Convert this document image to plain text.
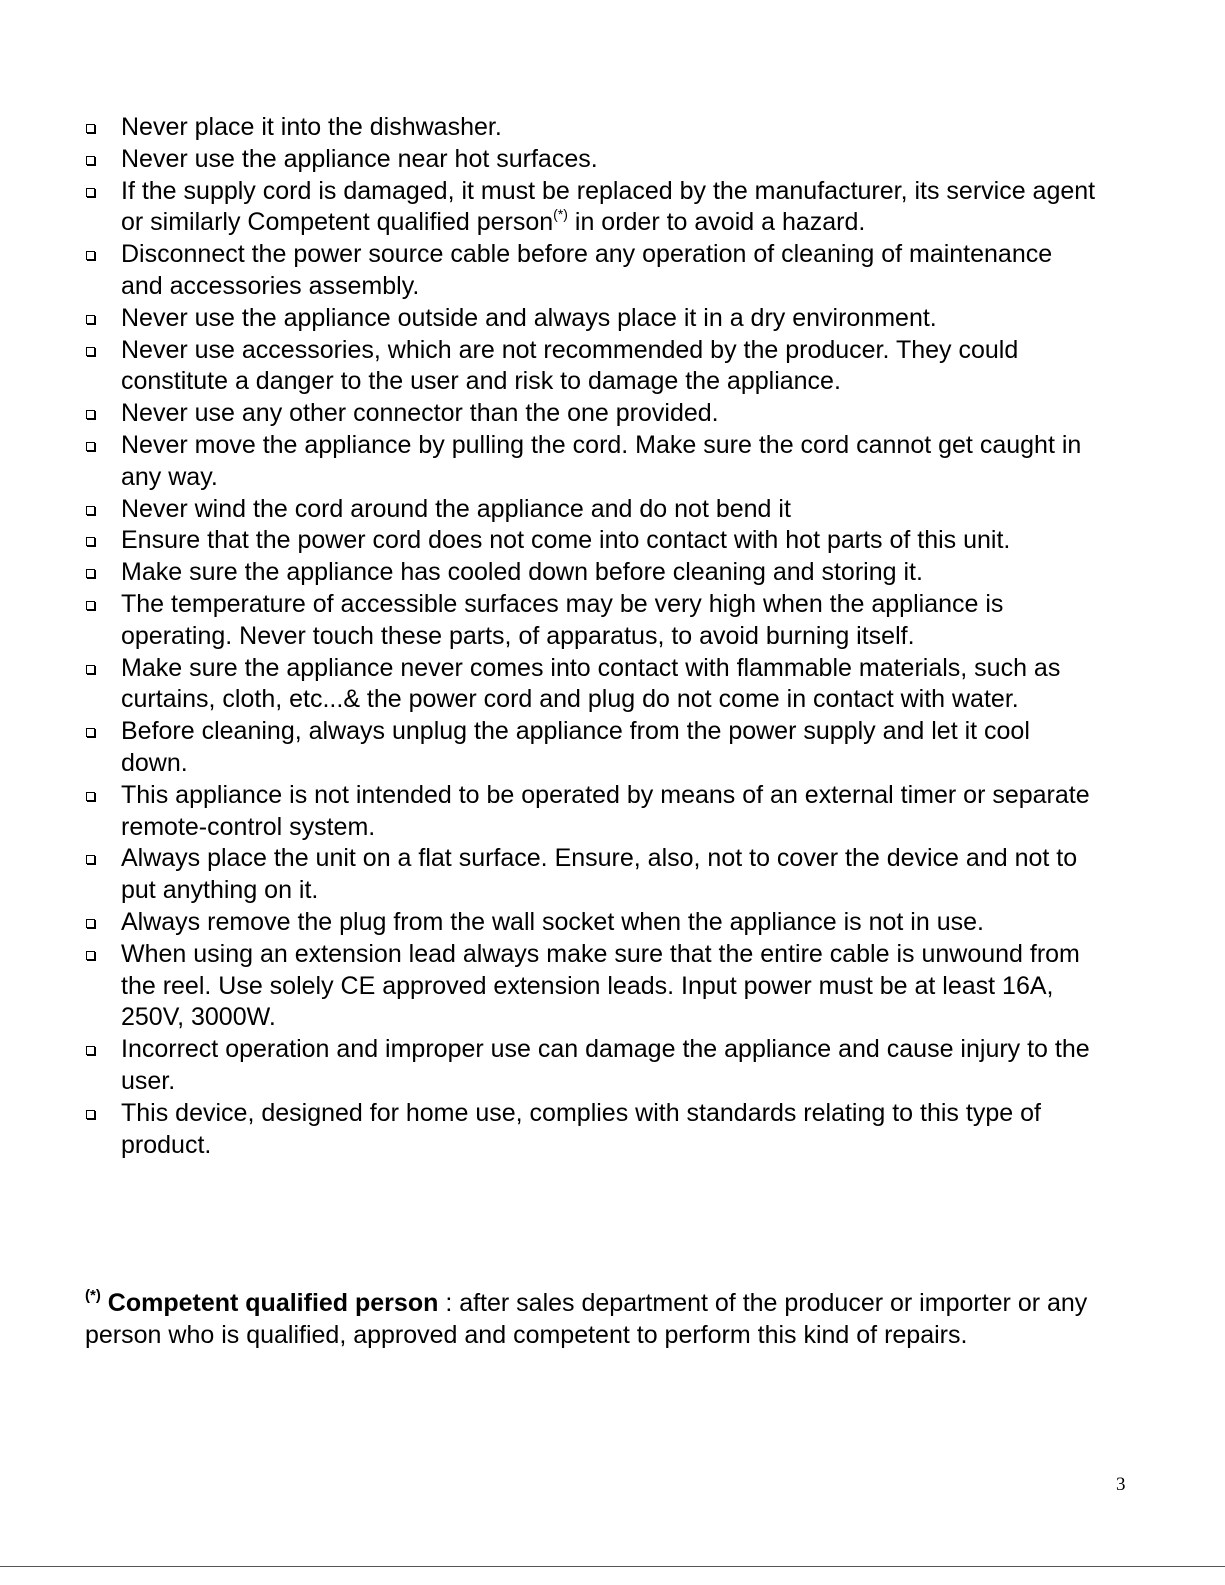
Never place it into the dishwasher.
Never use the appliance near hot surfaces.
If the supply cord is damaged, it must be replaced by the manufacturer, its service agent or similarly Competent qualified person(*) in order to avoid a hazard.
Disconnect the power source cable before any operation of cleaning of maintenance and accessories assembly.
Never use the appliance outside and always place it in a dry environment.
Never use accessories, which are not recommended by the producer. They could constitute a danger to the user and risk to damage the appliance.
Never use any other connector than the one provided.
Never move the appliance by pulling the cord. Make sure the cord cannot get caught in any way.
Never wind the cord around the appliance and do not bend it
Ensure that the power cord does not come into contact with hot parts of this unit.
Make sure the appliance has cooled down before cleaning and storing it.
The temperature of accessible surfaces may be very high when the appliance is operating. Never touch these parts, of apparatus, to avoid burning itself.
Make sure the appliance never comes into contact with flammable materials, such as curtains, cloth, etc...& the power cord and plug do not come in contact with water.
Before cleaning, always unplug the appliance from the power supply and let it cool down.
This appliance is not intended to be operated by means of an external timer or separate remote-control system.
Always place the unit on a flat surface. Ensure, also, not to cover the device and not to put anything on it.
Always remove the plug from the wall socket when the appliance is not in use.
When using an extension lead always make sure that the entire cable is unwound from the reel. Use solely CE approved extension leads. Input power must be at least 16A, 250V, 3000W.
Incorrect operation and improper use can damage the appliance and cause injury to the user.
This device, designed for home use, complies with standards relating to this type of product.

(*) Competent qualified person : after sales department of the producer or importer or any person who is qualified, approved and competent to perform this kind of repairs.

3
